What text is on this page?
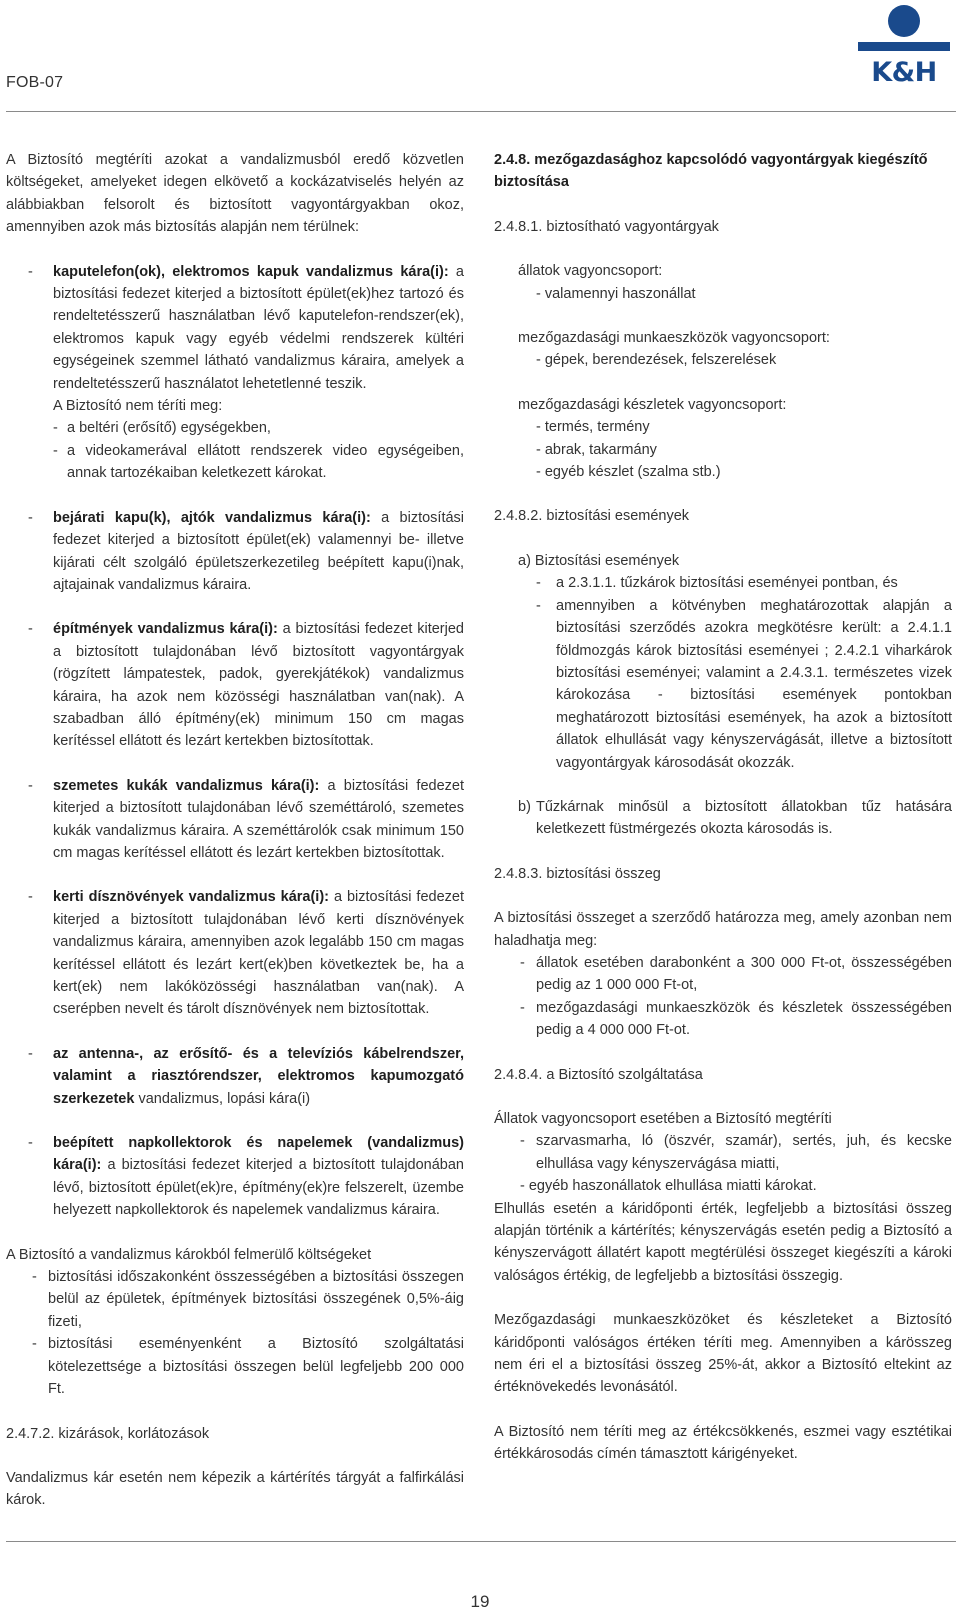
FOB-07	K&H

A Biztosító megtéríti azokat a vandalizmusból eredő közvetlen költségeket, amelyeket idegen elkövető a kockázatviselés helyén az alábbiakban felsorolt és biztosított vagyontárgyakban okoz, amennyiben azok más biztosítás alapján nem térülnek:

- kaputelefon(ok), elektromos kapuk vandalizmus kára(i): a biztosítási fedezet kiterjed a biztosított épület(ek)hez tartozó és rendeltetésszerű használatban lévő kaputelefon-rendszer(ek), elektromos kapuk vagy egyéb védelmi rendszerek kültéri egységeinek szemmel látható vandalizmus káraira, amelyek a rendeltetésszerű használatot lehetetlenné teszik.
A Biztosító nem téríti meg:
- a beltéri (erősítő) egységekben,
- a videokamerával ellátott rendszerek video egységeiben, annak tartozékaiban keletkezett károkat.
- bejárati kapu(k), ajtók vandalizmus kára(i): a biztosítási fedezet kiterjed a biztosított épület(ek) valamennyi be- illetve kijárati célt szolgáló épületszerkezetileg beépített kapu(i)nak, ajtajainak vandalizmus káraira.
- építmények vandalizmus kára(i): a biztosítási fedezet kiterjed a biztosított tulajdonában lévő biztosított vagyontárgyak (rögzített lámpatestek, padok, gyerekjátékok) vandalizmus káraira, ha azok nem közösségi használatban van(nak). A szabadban álló építmény(ek) minimum 150 cm magas kerítéssel ellátott és lezárt kertekben biztosítottak.
- szemetes kukák vandalizmus kára(i): a biztosítási fedezet kiterjed a biztosított tulajdonában lévő szeméttároló, szemetes kukák vandalizmus káraira. A szeméttárolók csak minimum 150 cm magas kerítéssel ellátott és lezárt kertekben biztosítottak.
- kerti dísznövények vandalizmus kára(i): a biztosítási fedezet kiterjed a biztosított tulajdonában lévő kerti dísznövények vandalizmus káraira, amennyiben azok legalább 150 cm magas kerítéssel ellátott és lezárt kert(ek)ben következtek be, ha a kert(ek) nem lakóközösségi használatban van(nak). A cserépben nevelt és tárolt dísznövények nem biztosítottak.
- az antenna-, az erősítő- és a televíziós kábelrendszer, valamint a riasztórendszer, elektromos kapumozgató szerkezetek vandalizmus, lopási kára(i)
- beépített napkollektorok és napelemek (vandalizmus) kára(i): a biztosítási fedezet kiterjed a biztosított tulajdonában lévő, biztosított épület(ek)re, építmény(ek)re felszerelt, üzembe helyezett napkollektorok és napelemek vandalizmus káraira.

A Biztosító a vandalizmus károkból felmerülő költségeket

- biztosítási időszakonként összességében a biztosítási összegen belül az épületek, építmények biztosítási összegének 0,5%-áig fizeti,
- biztosítási eseményenként a Biztosító szolgáltatási kötelezettsége a biztosítási összegen belül legfeljebb 200 000 Ft.

2.4.7.2. kizárások, korlátozások

Vandalizmus kár esetén nem képezik a kártérítés tárgyát a falfirkálási károk.

2.4.8. mezőgazdasághoz kapcsolódó vagyontárgyak kiegészítő biztosítása

2.4.8.1. biztosítható vagyontárgyak

állatok vagyoncsoport:
- valamennyi haszonállat
mezőgazdasági munkaeszközök vagyoncsoport:
- gépek, berendezések, felszerelések
mezőgazdasági készletek vagyoncsoport:
- termés, termény
- abrak, takarmány
- egyéb készlet (szalma stb.)

2.4.8.2. biztosítási események

a) Biztosítási események
- a 2.3.1.1. tűzkárok biztosítási eseményei pontban, és
- amennyiben a kötvényben meghatározottak alapján a biztosítási szerződés azokra megkötésre került: a 2.4.1.1 földmozgás károk biztosítási eseményei ; 2.4.2.1 viharkárok biztosítási eseményei; valamint a 2.4.3.1. természetes vizek károkozása - biztosítási események pontokban meghatározott biztosítási események, ha azok a biztosított állatok elhullását vagy kényszervágását, illetve a biztosított vagyontárgyak károsodását okozzák.
b) Tűzkárnak minősül a biztosított állatokban tűz hatására keletkezett füstmérgezés okozta károsodás is.

2.4.8.3. biztosítási összeg

A biztosítási összeget a szerződő határozza meg, amely azonban nem haladhatja meg:

- állatok esetében darabonként a 300 000 Ft-ot, összességében pedig az 1 000 000 Ft-ot,
- mezőgazdasági munkaeszközök és készletek összességében pedig a 4 000 000 Ft-ot.

2.4.8.4. a Biztosító szolgáltatása

Állatok vagyoncsoport esetében a Biztosító megtéríti

- szarvasmarha, ló (öszvér, szamár), sertés, juh, és kecske elhullása vagy kényszervágása miatti,
- egyéb haszonállatok elhullása miatti károkat.

Elhullás esetén a káridőponti érték, legfeljebb a biztosítási összeg alapján történik a kártérítés; kényszervágás esetén pedig a Biztosító a kényszervágott állatért kapott megtérülési összeget kiegészíti a károki valóságos értékig, de legfeljebb a biztosítási összegig.

Mezőgazdasági munkaeszközöket és készleteket a Biztosító káridőponti valóságos értéken téríti meg. Amennyiben a kárösszeg nem éri el a biztosítási összeg 25%-át, akkor a Biztosító eltekint az értéknövekedés levonásától.

A Biztosító nem téríti meg az értékcsökkenés, eszmei vagy esztétikai értékkárosodás címén támasztott kárigényeket.

19
